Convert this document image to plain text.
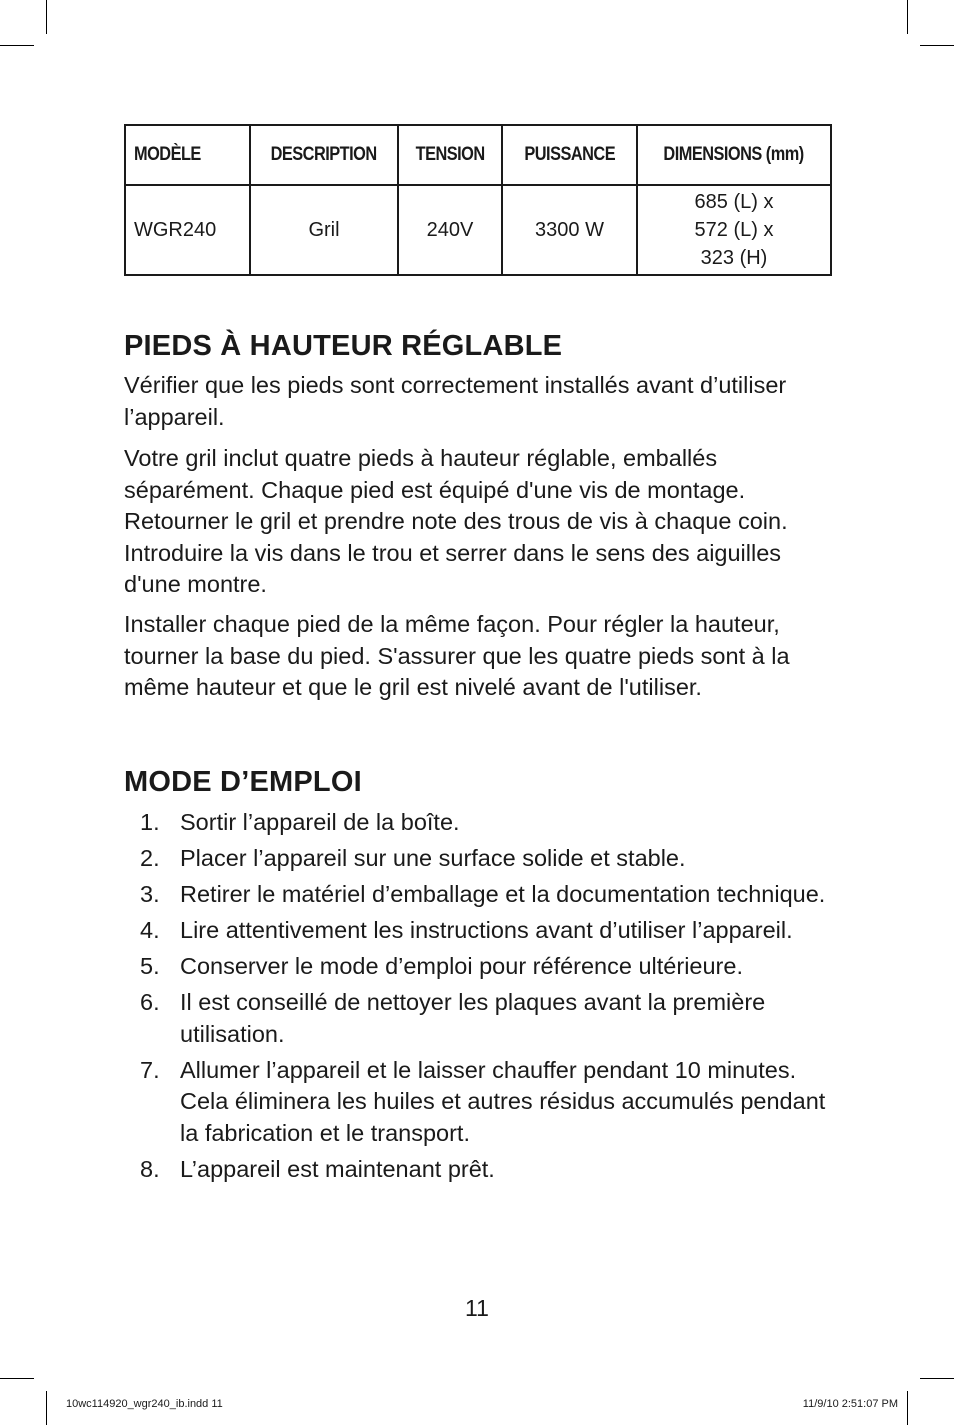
MODÈLE	DESCRIPTION	TENSION	PUISSANCE	DIMENSIONS (mm)
WGR240	Gril	240V	3300 W	685 (L) x
572 (L) x
323 (H)
PIEDS À HAUTEUR RÉGLABLE

Vérifier que les pieds sont correctement installés avant d’utiliser l’appareil.

Votre gril inclut quatre pieds à hauteur réglable, emballés séparément. Chaque pied est équipé d'une vis de montage. Retourner le gril et prendre note des trous de vis à chaque coin. Introduire la vis dans le trou et serrer dans le sens des aiguilles d'une montre.

Installer chaque pied de la même façon. Pour régler la hauteur, tourner la base du pied. S'assurer que les quatre pieds sont à la même hauteur et que le gril est nivelé avant de l'utiliser.

MODE D’EMPLOI
1. Sortir l’appareil de la boîte.
2. Placer l’appareil sur une surface solide et stable.
3. Retirer le matériel d’emballage et la documentation technique.
4. Lire attentivement les instructions avant d’utiliser l’appareil.
5. Conserver le mode d’emploi pour référence ultérieure.
6. Il est conseillé de nettoyer les plaques avant la première utilisation.
7. Allumer l’appareil et le laisser chauffer pendant 10 minutes. Cela éliminera les huiles et autres résidus accumulés pendant la fabrication et le transport.
8. L’appareil est maintenant prêt.
11
10wc114920_wgr240_ib.indd 11	11/9/10 2:51:07 PM
